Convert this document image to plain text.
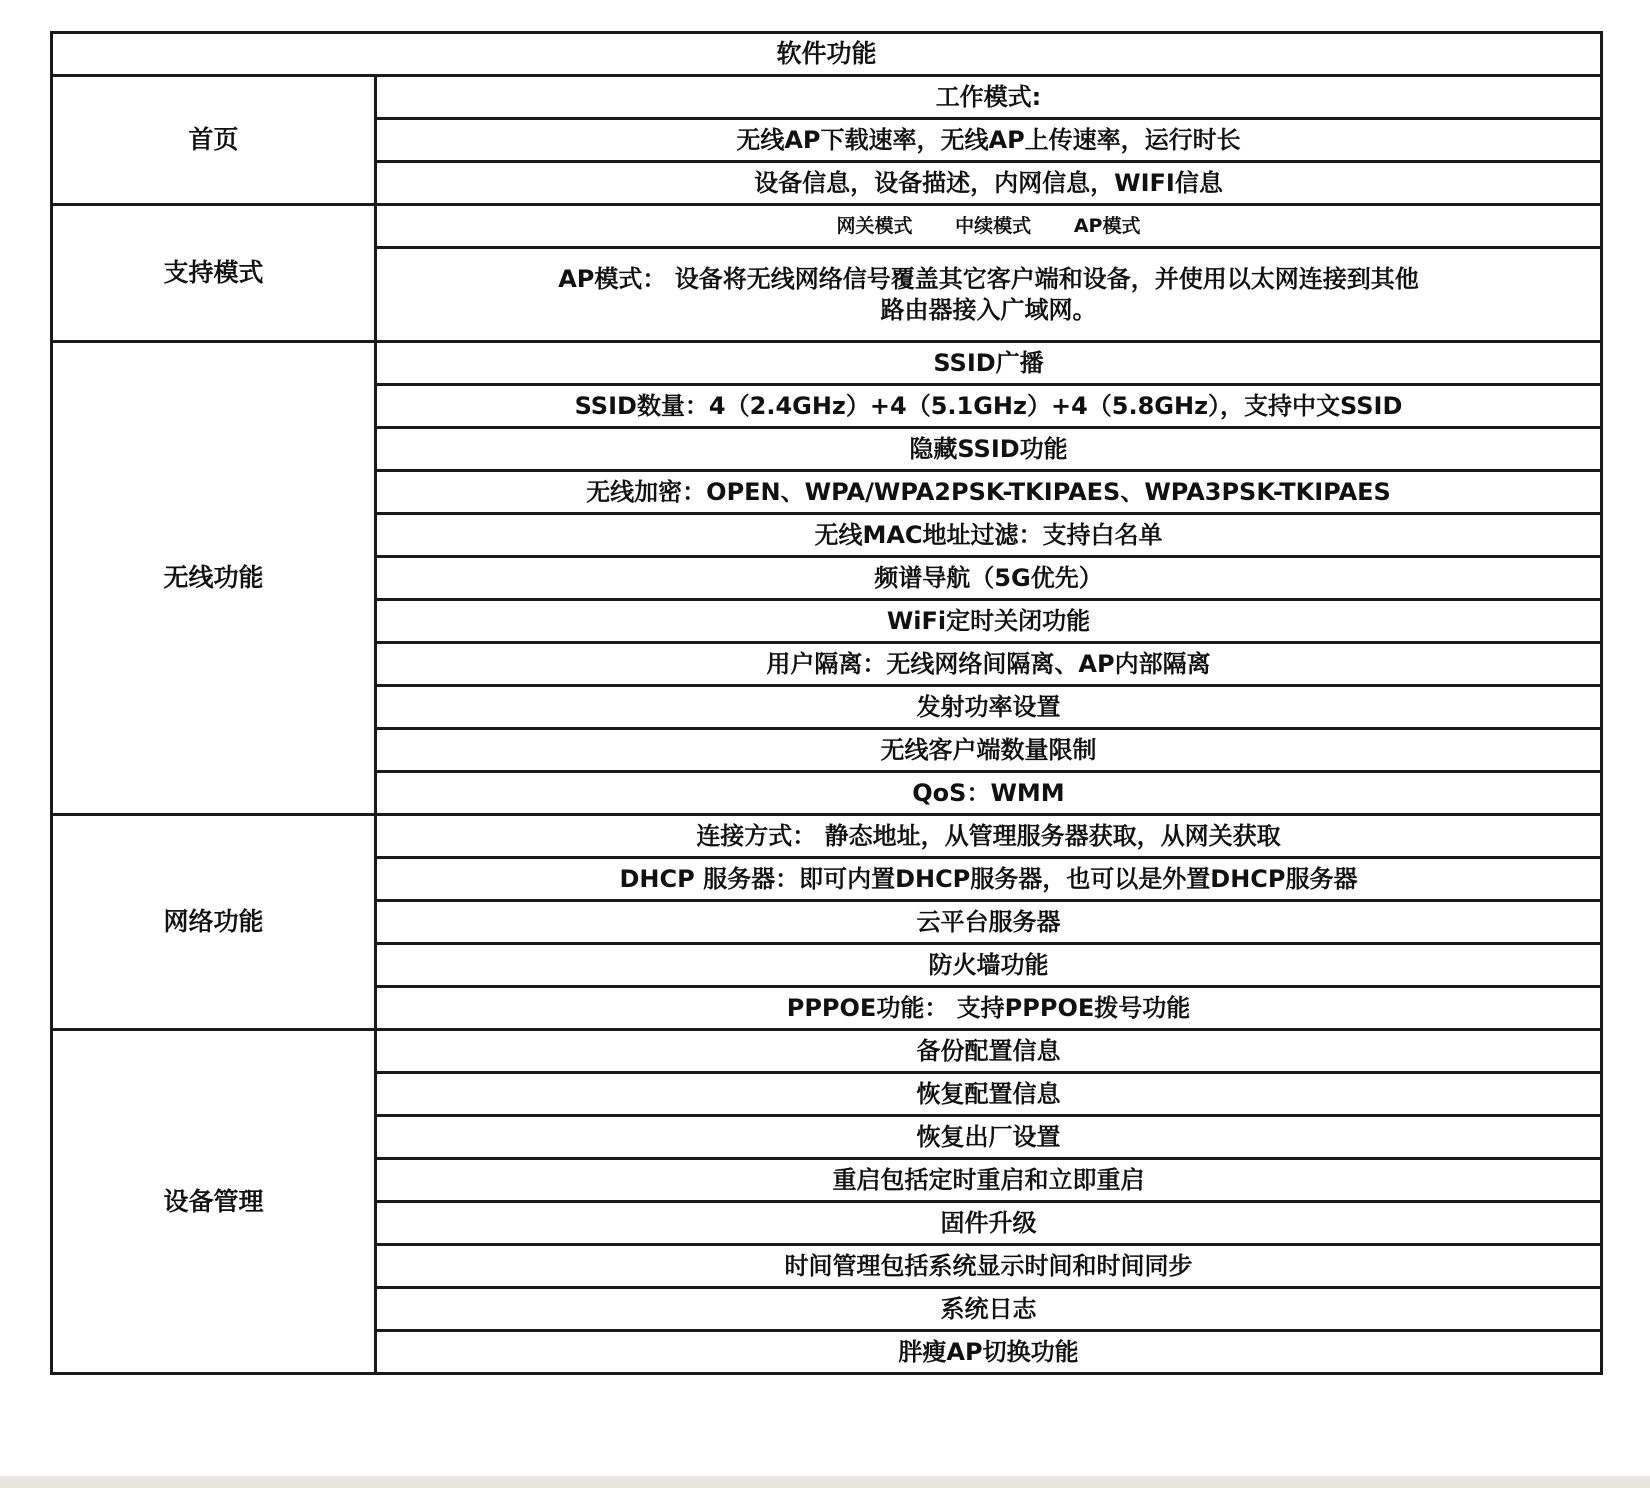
软件功能	
首页	工作模式:
	无线AP下载速率，无线AP上传速率，运行时长
	设备信息，设备描述，内网信息，WIFI信息
支持模式	网关模式 中续模式 AP模式
	AP模式： 设备将无线网络信号覆盖其它客户端和设备，并使用以太网连接到其他路由器接入广域网。
无线功能	SSID广播
	SSID数量：4（2.4GHz）+4（5.1GHz）+4（5.8GHz），支持中文SSID
	隐藏SSID功能
	无线加密：OPEN、WPA/WPA2PSK-TKIPAES、WPA3PSK-TKIPAES
	无线MAC地址过滤：支持白名单
	频谱导航（5G优先）
	WiFi定时关闭功能
	用户隔离：无线网络间隔离、AP内部隔离
	发射功率设置
	无线客户端数量限制
	QoS：WMM
网络功能	连接方式： 静态地址，从管理服务器获取，从网关获取
	DHCP 服务器：即可内置DHCP服务器，也可以是外置DHCP服务器
	云平台服务器
	防火墙功能
	PPPOE功能： 支持PPPOE拨号功能
设备管理	备份配置信息
	恢复配置信息
	恢复出厂设置
	重启包括定时重启和立即重启
	固件升级
	时间管理包括系统显示时间和时间同步
	系统日志
	胖瘦AP切换功能
